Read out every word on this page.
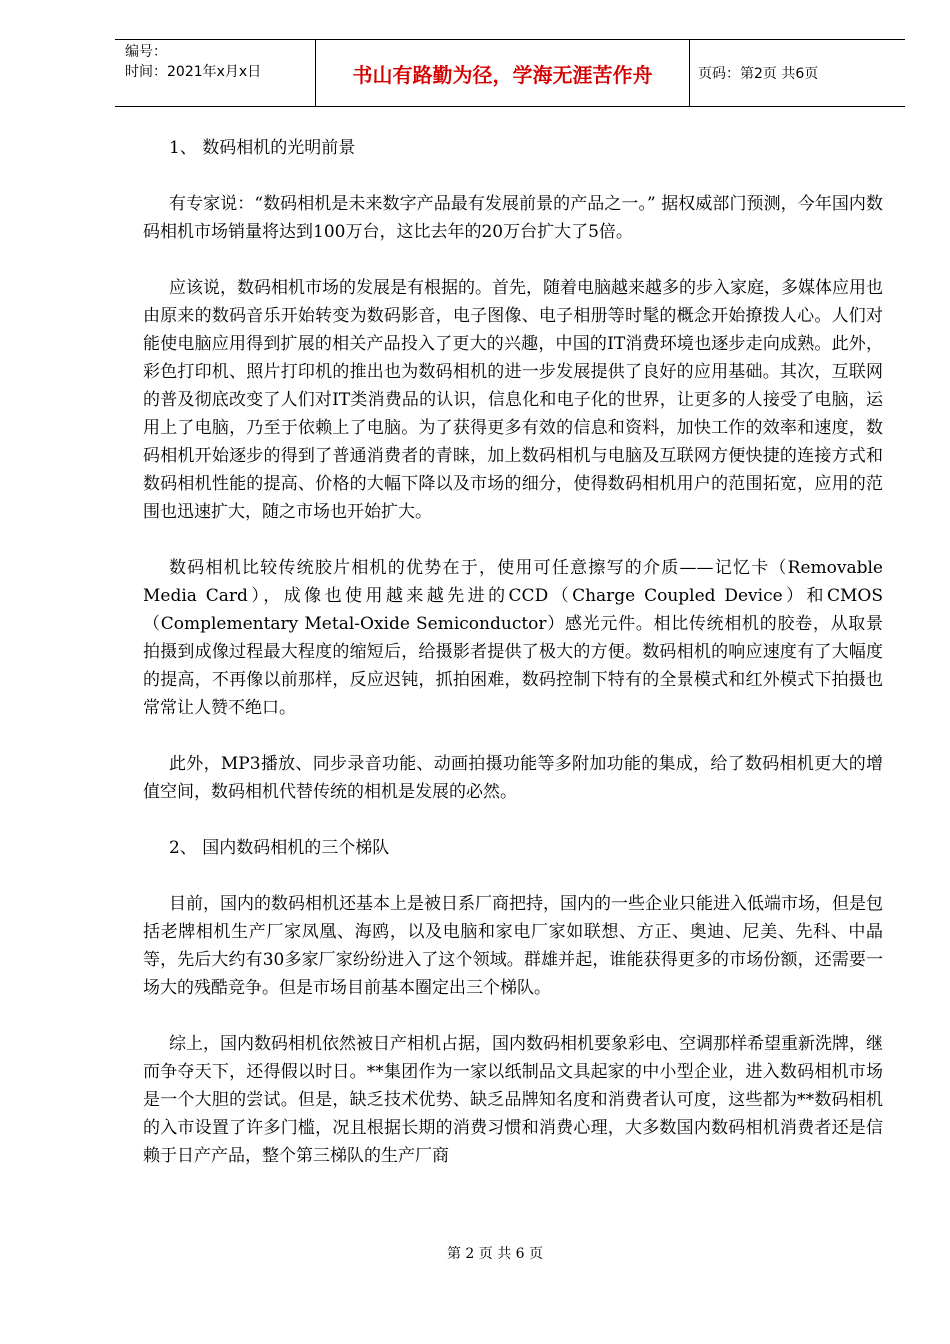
编号：
时间：2021年x月x日	书山有路勤为径，学海无涯苦作舟	页码：第2页 共6页
1、 数码相机的光明前景
有专家说：“数码相机是未来数字产品最有发展前景的产品之一。” 据权威部门预测，今年国内数码相机市场销量将达到100万台，这比去年的20万台扩大了5倍。
应该说，数码相机市场的发展是有根据的。首先，随着电脑越来越多的步入家庭，多媒体应用也由原来的数码音乐开始转变为数码影音，电子图像、电子相册等时髦的概念开始撩拨人心。人们对能使电脑应用得到扩展的相关产品投入了更大的兴趣，中国的IT消费环境也逐步走向成熟。此外，彩色打印机、照片打印机的推出也为数码相机的进一步发展提供了良好的应用基础。其次，互联网的普及彻底改变了人们对IT类消费品的认识，信息化和电子化的世界，让更多的人接受了电脑，运用上了电脑，乃至于依赖上了电脑。为了获得更多有效的信息和资料，加快工作的效率和速度，数码相机开始逐步的得到了普通消费者的青睐，加上数码相机与电脑及互联网方便快捷的连接方式和数码相机性能的提高、价格的大幅下降以及市场的细分，使得数码相机用户的范围拓宽，应用的范围也迅速扩大，随之市场也开始扩大。
数码相机比较传统胶片相机的优势在于，使用可任意擦写的介质——记忆卡（Removable Media Card），成像也使用越来越先进的CCD（Charge Coupled Device）和CMOS（Complementary Metal-Oxide Semiconductor）感光元件。相比传统相机的胶卷，从取景拍摄到成像过程最大程度的缩短后，给摄影者提供了极大的方便。数码相机的响应速度有了大幅度的提高，不再像以前那样，反应迟钝，抓拍困难，数码控制下特有的全景模式和红外模式下拍摄也常常让人赞不绝口。
此外，MP3播放、同步录音功能、动画拍摄功能等多附加功能的集成，给了数码相机更大的增值空间，数码相机代替传统的相机是发展的必然。
2、 国内数码相机的三个梯队
目前，国内的数码相机还基本上是被日系厂商把持，国内的一些企业只能进入低端市场，但是包括老牌相机生产厂家凤凰、海鸥，以及电脑和家电厂家如联想、方正、奥迪、尼美、先科、中晶等，先后大约有30多家厂家纷纷进入了这个领域。群雄并起，谁能获得更多的市场份额，还需要一场大的残酷竞争。但是市场目前基本圈定出三个梯队。
综上，国内数码相机依然被日产相机占据，国内数码相机要象彩电、空调那样希望重新洗牌，继而争夺天下，还得假以时日。**集团作为一家以纸制品文具起家的中小型企业，进入数码相机市场是一个大胆的尝试。但是，缺乏技术优势、缺乏品牌知名度和消费者认可度，这些都为**数码相机的入市设置了许多门槛，况且根据长期的消费习惯和消费心理，大多数国内数码相机消费者还是信赖于日产产品，整个第三梯队的生产厂商
第 2 页 共 6 页
